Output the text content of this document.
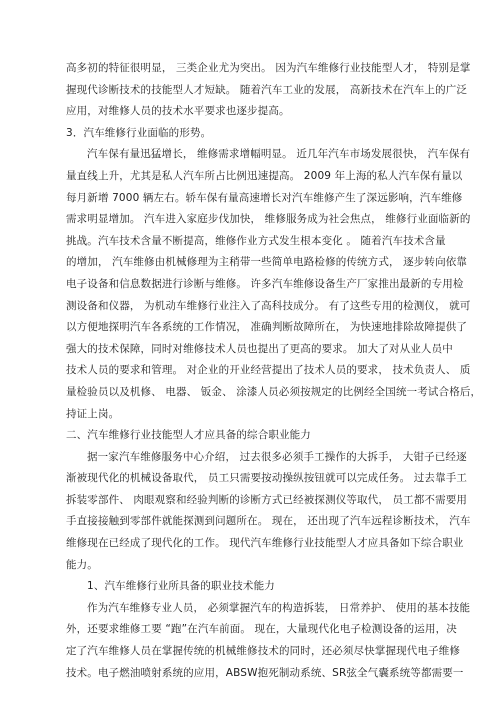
高多初的特征很明显， 三类企业尤为突出。 因为汽车维修行业技能型人才， 特别是掌
握现代诊断技术的技能型人才短缺。 随着汽车工业的发展， 高新技术在汽车上的广泛
应用，对维修人员的技术水平要求也逐步提高。
3．汽车维修行业面临的形势。
汽车保有量迅猛增长， 维修需求增幅明显。 近几年汽车市场发展很快， 汽车保有
量直线上升，尤其是私人汽车所占比例迅速提高。 2009 年上海的私人汽车保有量以
每月新增 7000 辆左右。轿车保有量高速增长对汽车维修产生了深远影响，汽车维修
需求明显增加。 汽车进入家庭步伐加快， 维修服务成为社会焦点， 维修行业面临新的
挑战。汽车技术含量不断提高，维修作业方式发生根本变化 。 随着汽车技术含量
的增加， 汽车维修由机械修理为主稍带一些简单电路检修的传统方式， 逐步转向依靠
电子设备和信息数据进行诊断与维修。 许多汽车维修设备生产厂家推出最新的专用检
测设备和仪器， 为机动车维修行业注入了高科技成分。 有了这些专用的检测仪， 就可
以方便地探明汽车各系统的工作情况， 准确判断故障所在， 为快速地排除故障提供了
强大的技术保障，同时对维修技术人员也提出了更高的要求。 加大了对从业人员中
技术人员的要求和管理。 对企业的开业经营提出了技术人员的要求， 技术负责人、 质
量检验员以及机修、 电器、 钣金、 涂漆人员必须按规定的比例经全国统一考试合格后，
持证上岗。
二、汽车维修行业技能型人才应具备的综合职业能力
据一家汽车维修服务中心介绍， 过去很多必须手工操作的大拆手， 大钳子已经逐
渐被现代化的机械设备取代， 员工只需要按动操纵按钮就可以完成任务。 过去靠手工
拆装零部件、 肉眼观察和经验判断的诊断方式已经被探测仪等取代， 员工都不需要用
手直接接触到零部件就能探测到问题所在。 现在， 还出现了汽车远程诊断技术， 汽车
维修现在已经成了现代化的工作。 现代汽车维修行业技能型人才应具备如下综合职业
能力。
1、汽车维修行业所具备的职业技术能力
作为汽车维修专业人员， 必须掌握汽车的构造拆装， 日常养护、 使用的基本技能
外，还要求维修工要 “跑”在汽车前面。 现在，大量现代化电子检测设备的运用，决
定了汽车维修人员在掌握传统的机械维修技术的同时，还必须尽快掌握现代电子维修
技术。电子燃油喷射系统的应用，ABSW抱死制动系统、SR弦全气囊系统等都需要一
